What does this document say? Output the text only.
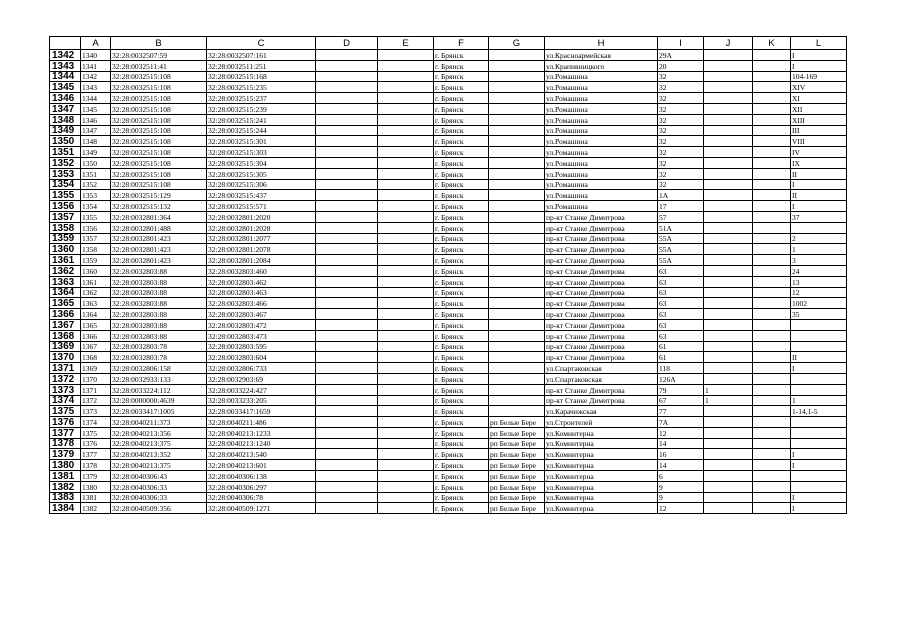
	A	B	C	D	E	F	G	H	I	J	K	L
1342	1340	32:28:0032507:59	32:28:0032507:161			г. Брянск		ул.Красноармейская	29А			I
1343	1341	32:28:0032511:41	32:28:0032511:251			г. Брянск		ул.Крапивницкого	20			I
1344	1342	32:28:0032515:108	32:28:0032515:168			г. Брянск		ул.Ромашина	32			104-169
1345	1343	32:28:0032515:108	32:28:0032515:235			г. Брянск		ул.Ромашина	32			XIV
1346	1344	32:28:0032515:108	32:28:0032515:237			г. Брянск		ул.Ромашина	32			XI
1347	1345	32:28:0032515:108	32:28:0032515:239			г. Брянск		ул.Ромашина	32			XII
1348	1346	32:28:0032515:108	32:28:0032515:241			г. Брянск		ул.Ромашина	32			XIII
1349	1347	32:28:0032515:108	32:28:0032515:244			г. Брянск		ул.Ромашина	32			III
1350	1348	32:28:0032515:108	32:28:0032515:301			г. Брянск		ул.Ромашина	32			VIII
1351	1349	32:28:0032515:108	32:28:0032515:303			г. Брянск		ул.Ромашина	32			IV
1352	1350	32:28:0032515:108	32:28:0032515:304			г. Брянск		ул.Ромашина	32			IX
1353	1351	32:28:0032515:108	32:28:0032515:305			г. Брянск		ул.Ромашина	32			II
1354	1352	32:28:0032515:108	32:28:0032515:306			г. Брянск		ул.Ромашина	32			I
1355	1353	32:28:0032515:129	32:28:0032515:437			г. Брянск		ул.Ромашина	1А			II
1356	1354	32:28:0032515:132	32:28:0032515:571			г. Брянск		ул.Ромашина	17			I
1357	1355	32:28:0032801:364	32:28:0032801:2020			г. Брянск		пр-кт Станке Димитрова	57			37
1358	1356	32:28:0032801:488	32:28:0032801:2028			г. Брянск		пр-кт Станке Димитрова	51А			
1359	1357	32:28:0032801:423	32:28:0032801:2077			г. Брянск		пр-кт Станке Димитрова	55А			2
1360	1358	32:28:0032801:423	32:28:0032801:2078			г. Брянск		пр-кт Станке Димитрова	55А			1
1361	1359	32:28:0032801:423	32:28:0032801:2084			г. Брянск		пр-кт Станке Димитрова	55А			3
1362	1360	32:28:0032803:88	32:28:0032803:460			г. Брянск		пр-кт Станке Димитрова	63			24
1363	1361	32:28:0032803:88	32:28:0032803:462			г. Брянск		пр-кт Станке Димитрова	63			13
1364	1362	32:28:0032803:88	32:28:0032803:463			г. Брянск		пр-кт Станке Димитрова	63			12
1365	1363	32:28:0032803:88	32:28:0032803:466			г. Брянск		пр-кт Станке Димитрова	63			1002
1366	1364	32:28:0032803:88	32:28:0032803:467			г. Брянск		пр-кт Станке Димитрова	63			35
1367	1365	32:28:0032803:88	32:28:0032803:472			г. Брянск		пр-кт Станке Димитрова	63			
1368	1366	32:28:0032803:88	32:28:0032803:473			г. Брянск		пр-кт Станке Димитрова	63			
1369	1367	32:28:0032803:78	32:28:0032803:595			г. Брянск		пр-кт Станке Димитрова	61			
1370	1368	32:28:0032803:78	32:28:0032803:604			г. Брянск		пр-кт Станке Димитрова	61			II
1371	1369	32:28:0032806:158	32:28:0032806:733			г. Брянск		ул.Спартаковская	118			I
1372	1370	32:28:0032933:133	32:28:0032903:69			г. Брянск		ул.Спартаковская	126А			
1373	1371	32:28:0033224:112	32:28:0033224:427			г. Брянск		пр-кт Станке Димитрова	79	1		
1374	1372	32:28:0000000:4639	32:28:0033233:205			г. Брянск		пр-кт Станке Димитрова	67	1		1
1375	1373	32:28:0033417:1005	32:28:0033417:1659			г. Брянск		ул.Карачижская	77			1-14,1-5
1376	1374	32:28:0040211:373	32:28:0040211:486			г. Брянск	рп Белые Бере	ул.Строителей	7А			
1377	1375	32:28:0040213:356	32:28:0040213:1233			г. Брянск	рп Белые Бере	ул.Коминтерна	12			
1378	1376	32:28:0040213:375	32:28:0040213:1240			г. Брянск	рп Белые Бере	ул.Коминтерна	14			
1379	1377	32:28:0040213:352	32:28:0040213:540			г. Брянск	рп Белые Бере	ул.Коминтерна	16			I
1380	1378	32:28:0040213:375	32:28:0040213:601			г. Брянск	рп Белые Бере	ул.Коминтерна	14			I
1381	1379	32:28:0040306:43	32:28:0040306:138			г. Брянск	рп Белые Бере	ул.Коминтерна	6			
1382	1380	32:28:0040306:33	32:28:0040306:297			г. Брянск	рп Белые Бере	ул.Коминтерна	9			
1383	1381	32:28:0040306:33	32:28:0040306:78			г. Брянск	рп Белые Бере	ул.Коминтерна	9			I
1384	1382	32:28:0040509:356	32:28:0040509:1271			г. Брянск	рп Белые Бере	ул.Коминтерна	12			I
